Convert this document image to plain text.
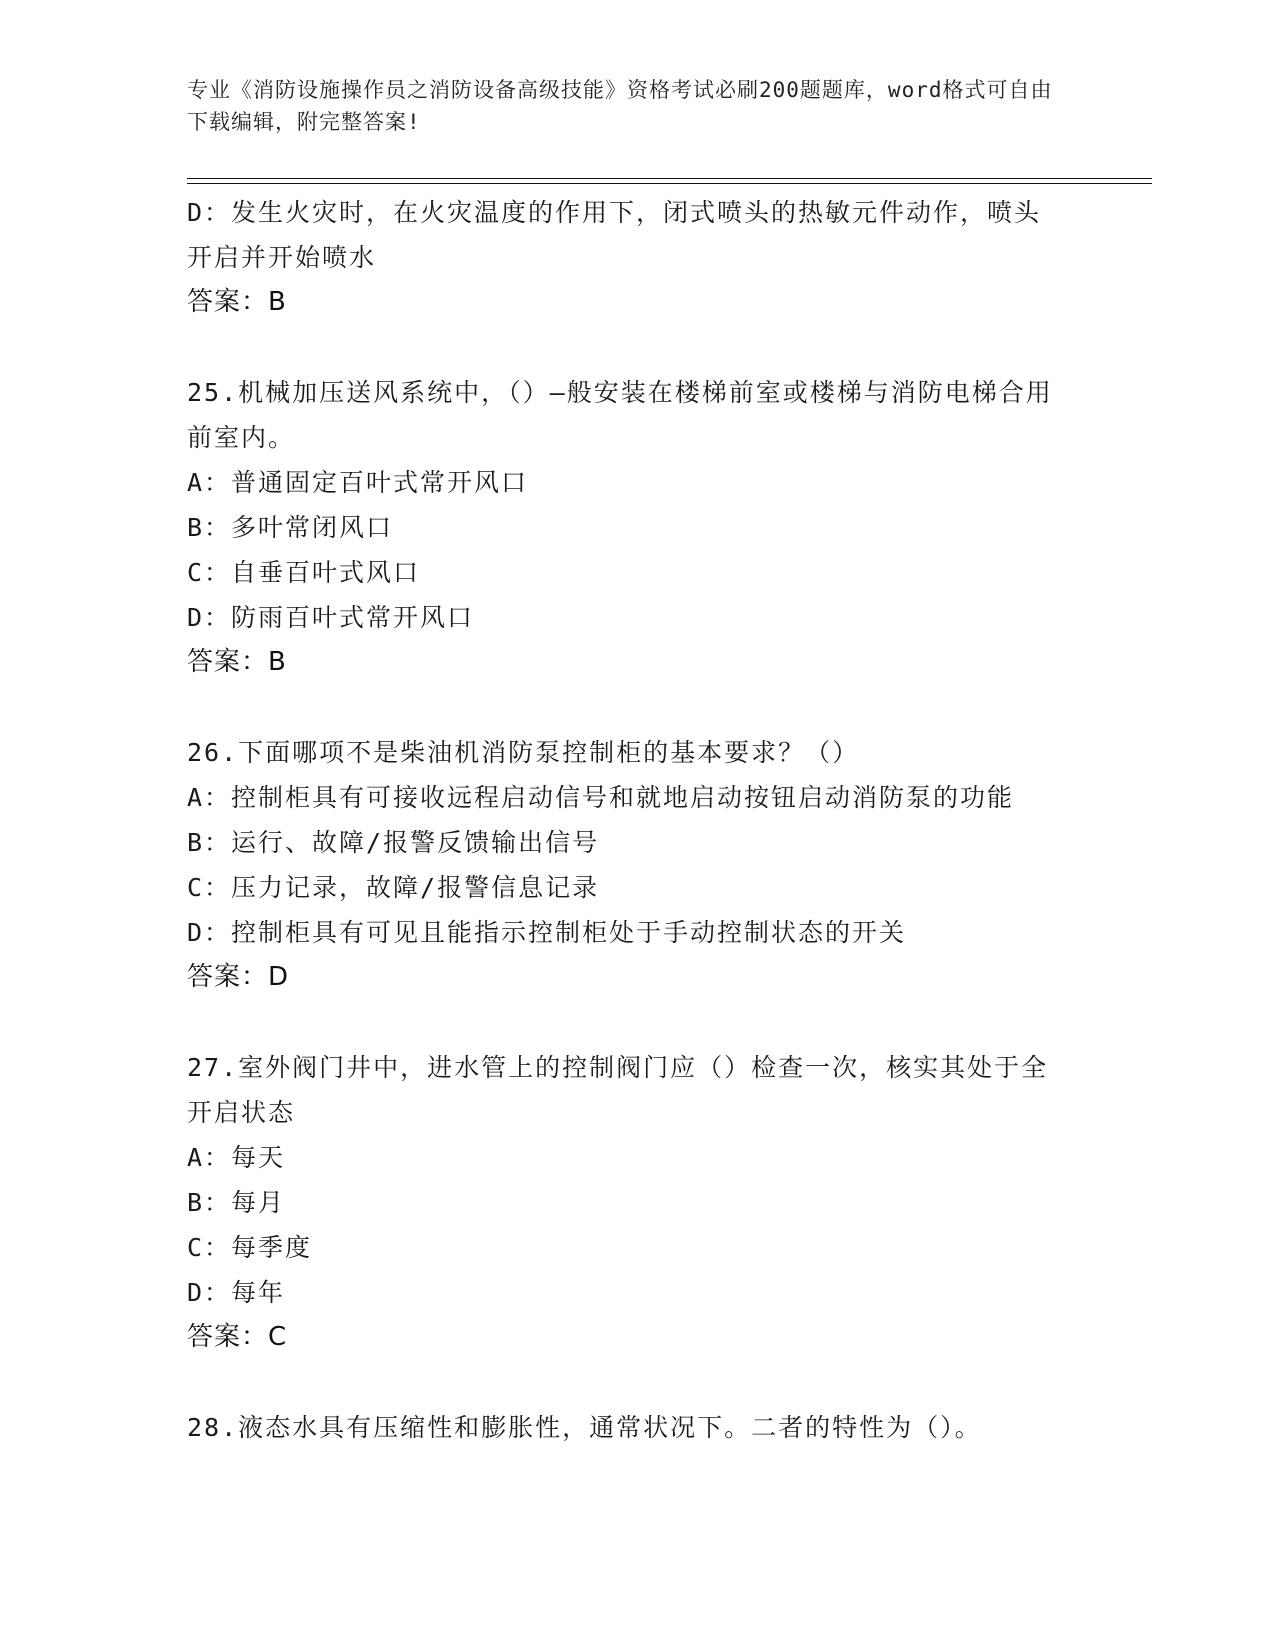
专业《消防设施操作员之消防设备高级技能》资格考试必刷200题题库，word格式可自由下载编辑，附完整答案!

D：发生火灾时，在火灾温度的作用下，闭式喷头的热敏元件动作，喷头开启并开始喷水

答案：B

25.机械加压送风系统中，（）—般安装在楼梯前室或楼梯与消防电梯合用前室内。

A：普通固定百叶式常开风口

B：多叶常闭风口

C：自垂百叶式风口

D：防雨百叶式常开风口

答案：B

26.下面哪项不是柴油机消防泵控制柜的基本要求？（）

A：控制柜具有可接收远程启动信号和就地启动按钮启动消防泵的功能

B：运行、故障/报警反馈输出信号

C：压力记录，故障/报警信息记录

D：控制柜具有可见且能指示控制柜处于手动控制状态的开关

答案：D

27.室外阀门井中，进水管上的控制阀门应（）检查一次，核实其处于全开启状态

A：每天

B：每月

C：每季度

D：每年

答案：C

28.液态水具有压缩性和膨胀性，通常状况下。二者的特性为（）。
